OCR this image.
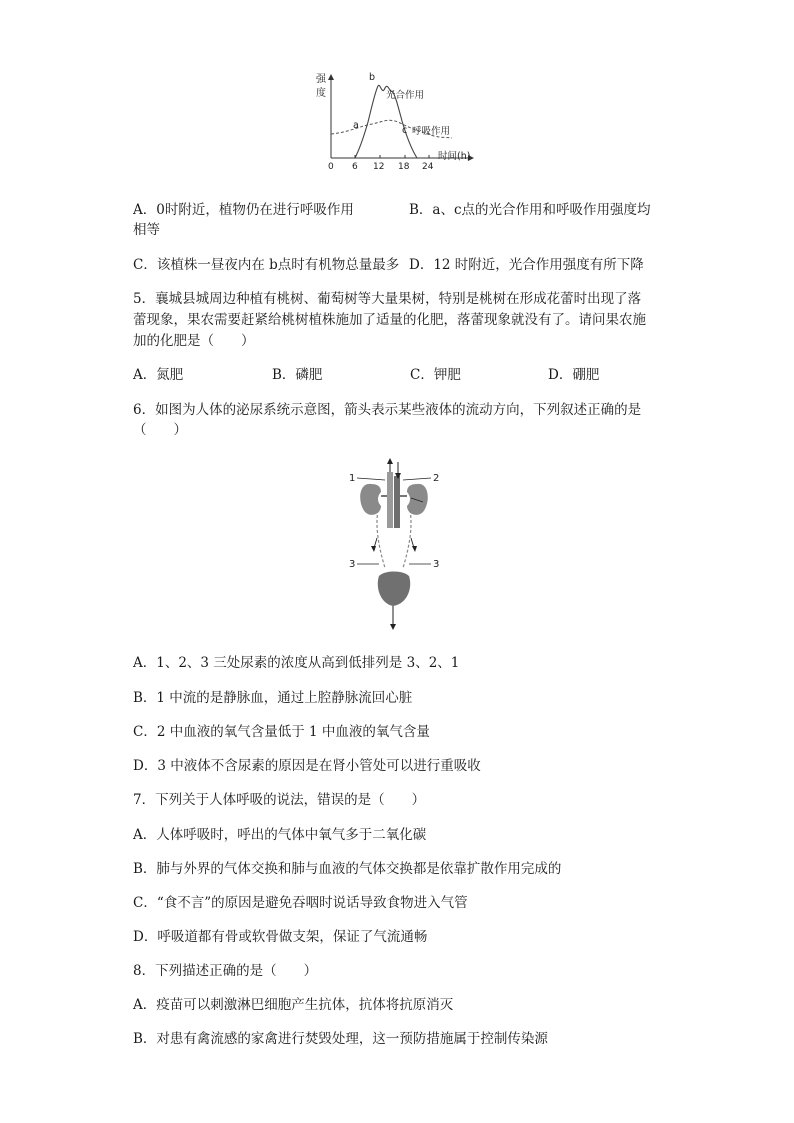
强
度
b
a	c
光合作用
呼吸作用
0 6 12 18 24
时间(h)
A．0时附近，植物仍在进行呼吸作用	B．a、c点的光合作用和呼吸作用强度均
相等
C．该植株一昼夜内在 b点时有机物总量最多 D．12 时附近，光合作用强度有所下降
5．襄城县城周边种植有桃树、葡萄树等大量果树，特别是桃树在形成花蕾时出现了落
蕾现象，果农需要赶紧给桃树植株施加了适量的化肥，落蕾现象就没有了。请问果农施
加的化肥是（　　）
A．氮肥	B．磷肥	C．钾肥	D．硼肥
6．如图为人体的泌尿系统示意图，箭头表示某些液体的流动方向，下列叙述正确的是
（　　）
1	2
3	3
A．1、2、3 三处尿素的浓度从高到低排列是 3、2、1
B．1 中流的是静脉血，通过上腔静脉流回心脏
C．2 中血液的氧气含量低于 1 中血液的氧气含量
D．3 中液体不含尿素的原因是在肾小管处可以进行重吸收
7．下列关于人体呼吸的说法，错误的是（　　）
A．人体呼吸时，呼出的气体中氧气多于二氧化碳
B．肺与外界的气体交换和肺与血液的气体交换都是依靠扩散作用完成的
C．“食不言”的原因是避免吞咽时说话导致食物进入气管
D．呼吸道都有骨或软骨做支架，保证了气流通畅
8．下列描述正确的是（　　）
A．疫苗可以刺激淋巴细胞产生抗体，抗体将抗原消灭
B．对患有禽流感的家禽进行焚毁处理，这一预防措施属于控制传染源
